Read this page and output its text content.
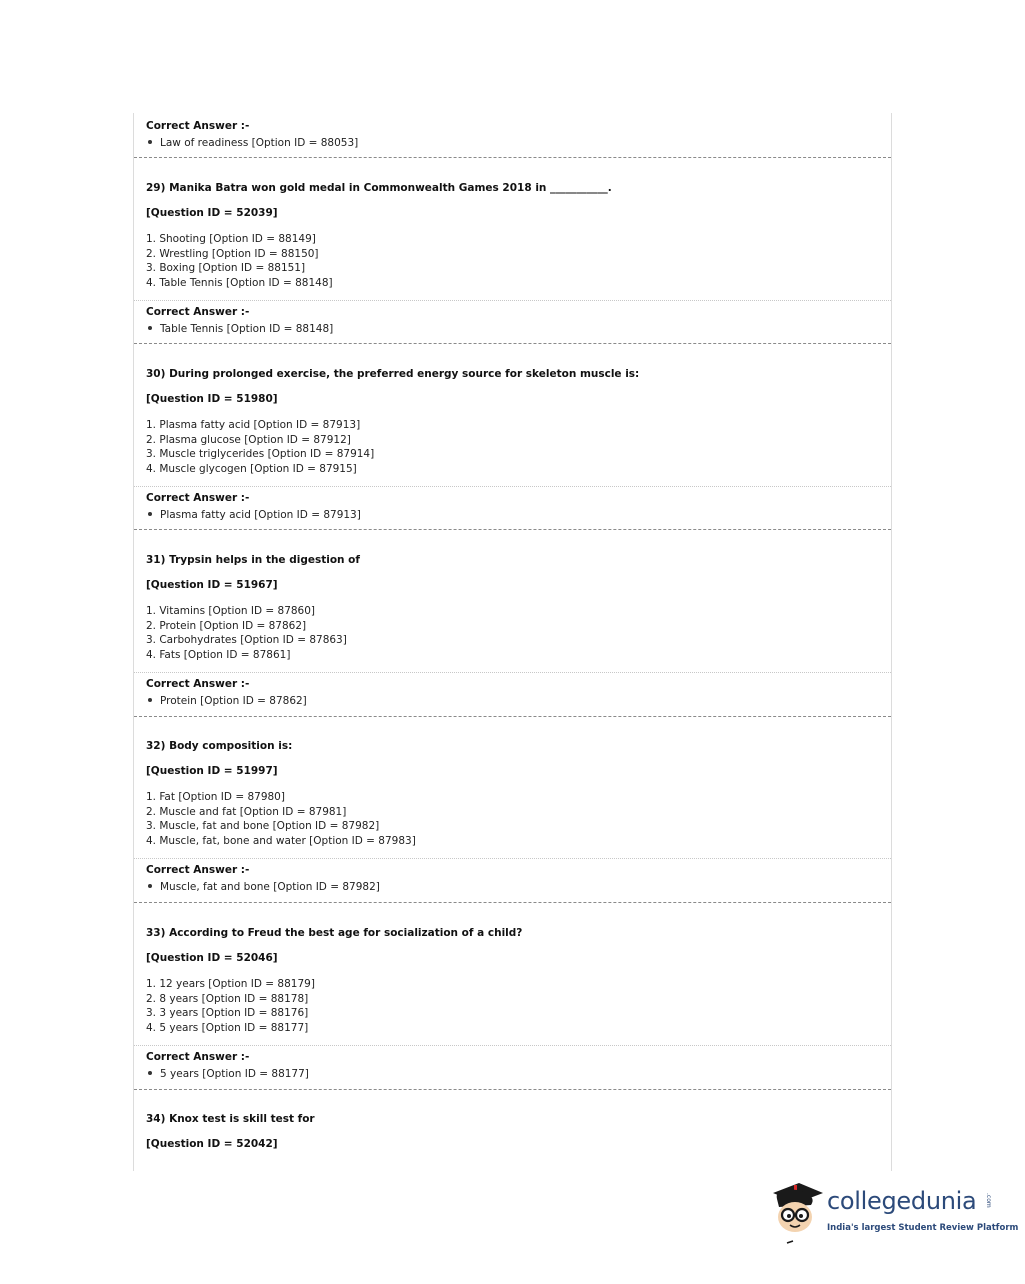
Correct Answer :-
Law of readiness [Option ID = 88053]
29) Manika Batra won gold medal in Commonwealth Games 2018 in ___________.
[Question ID = 52039]
1. Shooting [Option ID = 88149]
2. Wrestling [Option ID = 88150]
3. Boxing [Option ID = 88151]
4. Table Tennis [Option ID = 88148]
Correct Answer :-
Table Tennis [Option ID = 88148]
30) During prolonged exercise, the preferred energy source for skeleton muscle is:
[Question ID = 51980]
1. Plasma fatty acid [Option ID = 87913]
2. Plasma glucose [Option ID = 87912]
3. Muscle triglycerides [Option ID = 87914]
4. Muscle glycogen [Option ID = 87915]
Correct Answer :-
Plasma fatty acid [Option ID = 87913]
31) Trypsin helps in the digestion of
[Question ID = 51967]
1. Vitamins [Option ID = 87860]
2. Protein [Option ID = 87862]
3. Carbohydrates [Option ID = 87863]
4. Fats [Option ID = 87861]
Correct Answer :-
Protein [Option ID = 87862]
32) Body composition is:
[Question ID = 51997]
1. Fat [Option ID = 87980]
2. Muscle and fat [Option ID = 87981]
3. Muscle, fat and bone [Option ID = 87982]
4. Muscle, fat, bone and water [Option ID = 87983]
Correct Answer :-
Muscle, fat and bone [Option ID = 87982]
33) According to Freud the best age for socialization of a child?
[Question ID = 52046]
1. 12 years [Option ID = 88179]
2. 8 years [Option ID = 88178]
3. 3 years [Option ID = 88176]
4. 5 years [Option ID = 88177]
Correct Answer :-
5 years [Option ID = 88177]
34) Knox test is skill test for
[Question ID = 52042]
collegedunia .com
India's largest Student Review Platform
